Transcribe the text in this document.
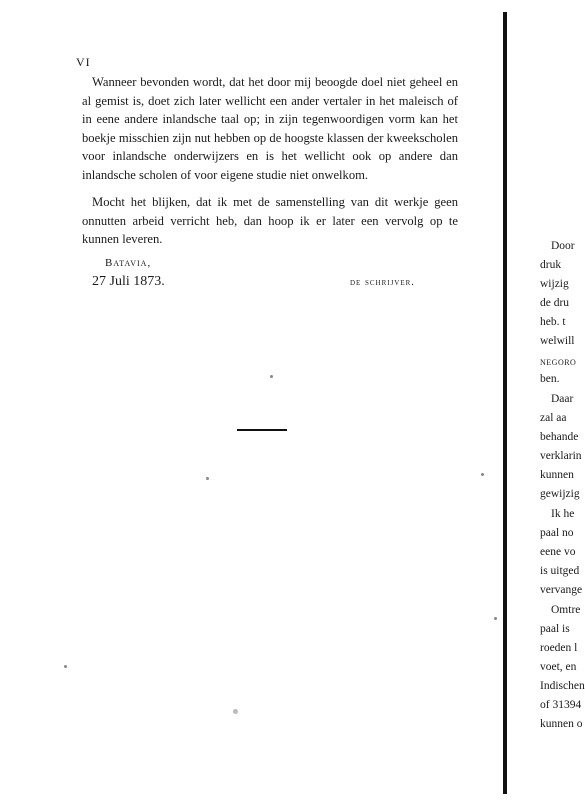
VI
Wanneer bevonden wordt, dat het door mij beoogde doel niet geheel en al gemist is, doet zich later wellicht een ander vertaler in het maleisch of in eene andere inlandsche taal op; in zijn tegenwoordigen vorm kan het boekje misschien zijn nut hebben op de hoogste klassen der kweekscholen voor inlandsche onderwijzers en is het wellicht ook op andere dan inlandsche scholen of voor eigene studie niet onwelkom.
Mocht het blijken, dat ik met de samenstelling van dit werkje geen onnutten arbeid verricht heb, dan hoop ik er later een vervolg op te kunnen leveren.
Batavia,
27 Juli 1873.	de schrijver.
Door
druk
wijzig
de dru
heb. t
welwill
NEGORO
ben.
Daar
zal aa
behande
verklarin
kunnen
gewijzig
Ik he
paal no
eene vo
is uitged
vervange
Omtre
paal is
roeden l
voet, en
Indischen
of 31394
kunnen o
